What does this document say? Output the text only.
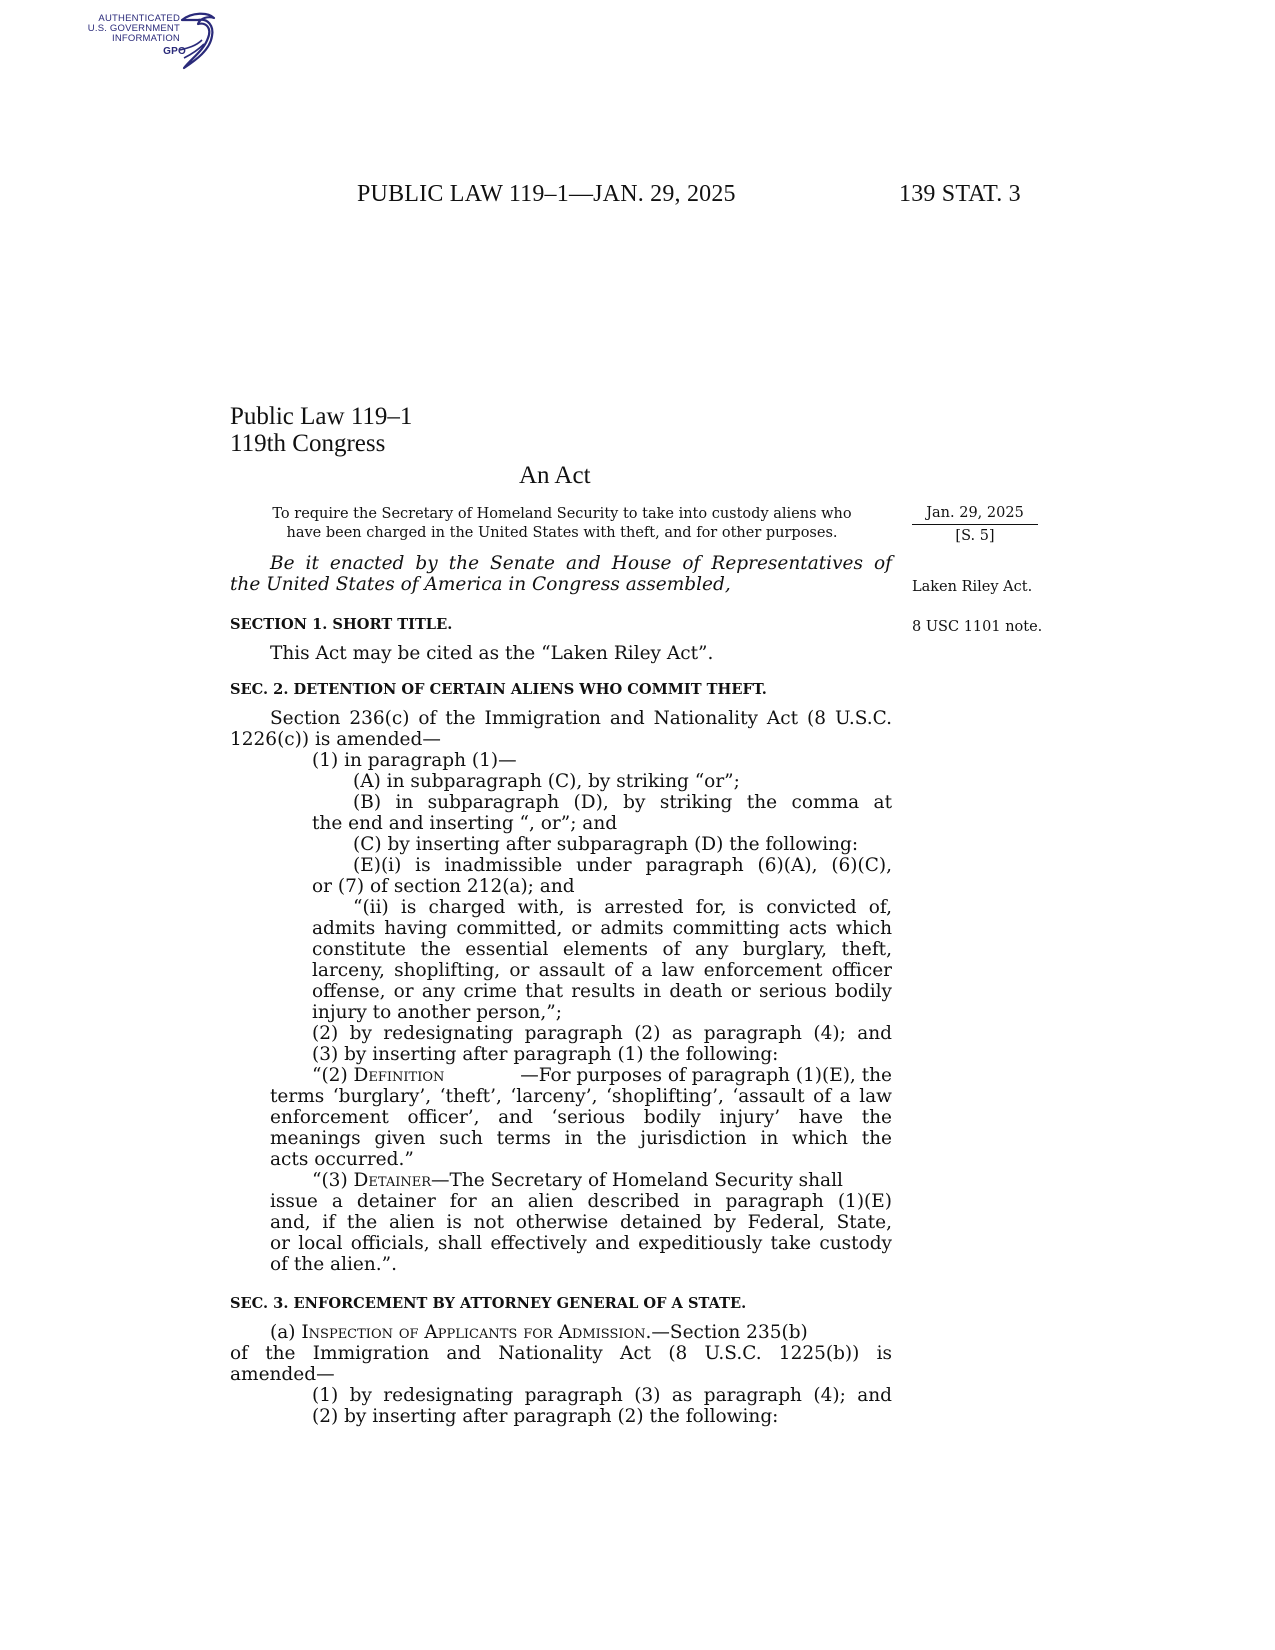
AUTHENTICATED
U.S. GOVERNMENT
INFORMATION
GPO
PUBLIC LAW 119–1—JAN. 29, 2025	139 STAT. 3
Public Law 119–1
119th Congress
An Act
To require the Secretary of Homeland Security to take into custody aliens who
have been charged in the United States with theft, and for other purposes.
Jan. 29, 2025
[S. 5]
Laken Riley Act.
8 USC 1101 note.
Be it enacted by the Senate and House of Representatives of
the United States of America in Congress assembled,
SECTION 1. SHORT TITLE.
This Act may be cited as the “Laken Riley Act”.
SEC. 2. DETENTION OF CERTAIN ALIENS WHO COMMIT THEFT.
Section 236(c) of the Immigration and Nationality Act (8 U.S.C.
1226(c)) is amended—
(1) in paragraph (1)—
(A) in subparagraph (C), by striking “or”;
(B) in subparagraph (D), by striking the comma at
the end and inserting “, or”; and
(C) by inserting after subparagraph (D) the following:
(E)(i) is inadmissible under paragraph (6)(A), (6)(C),
or (7) of section 212(a); and
“(ii) is charged with, is arrested for, is convicted of,
admits having committed, or admits committing acts which
constitute the essential elements of any burglary, theft,
larceny, shoplifting, or assault of a law enforcement officer
offense, or any crime that results in death or serious bodily
injury to another person,”;
(2) by redesignating paragraph (2) as paragraph (4); and
(3) by inserting after paragraph (1) the following:
“(2) Definition	—For purposes of paragraph (1)(E), the
terms ‘burglary’, ‘theft’, ‘larceny’, ‘shoplifting’, ‘assault of a law
enforcement officer’, and ‘serious bodily injury’ have the
meanings given such terms in the jurisdiction in which the
acts occurred.”
“(3) Detainer—The Secretary of Homeland Security shall
issue a detainer for an alien described in paragraph (1)(E)
and, if the alien is not otherwise detained by Federal, State,
or local officials, shall effectively and expeditiously take custody
of the alien.”.
SEC. 3. ENFORCEMENT BY ATTORNEY GENERAL OF A STATE.
(a) Inspection of Applicants for Admission.—Section 235(b)
of the Immigration and Nationality Act (8 U.S.C. 1225(b)) is
amended—
(1) by redesignating paragraph (3) as paragraph (4); and
(2) by inserting after paragraph (2) the following:
